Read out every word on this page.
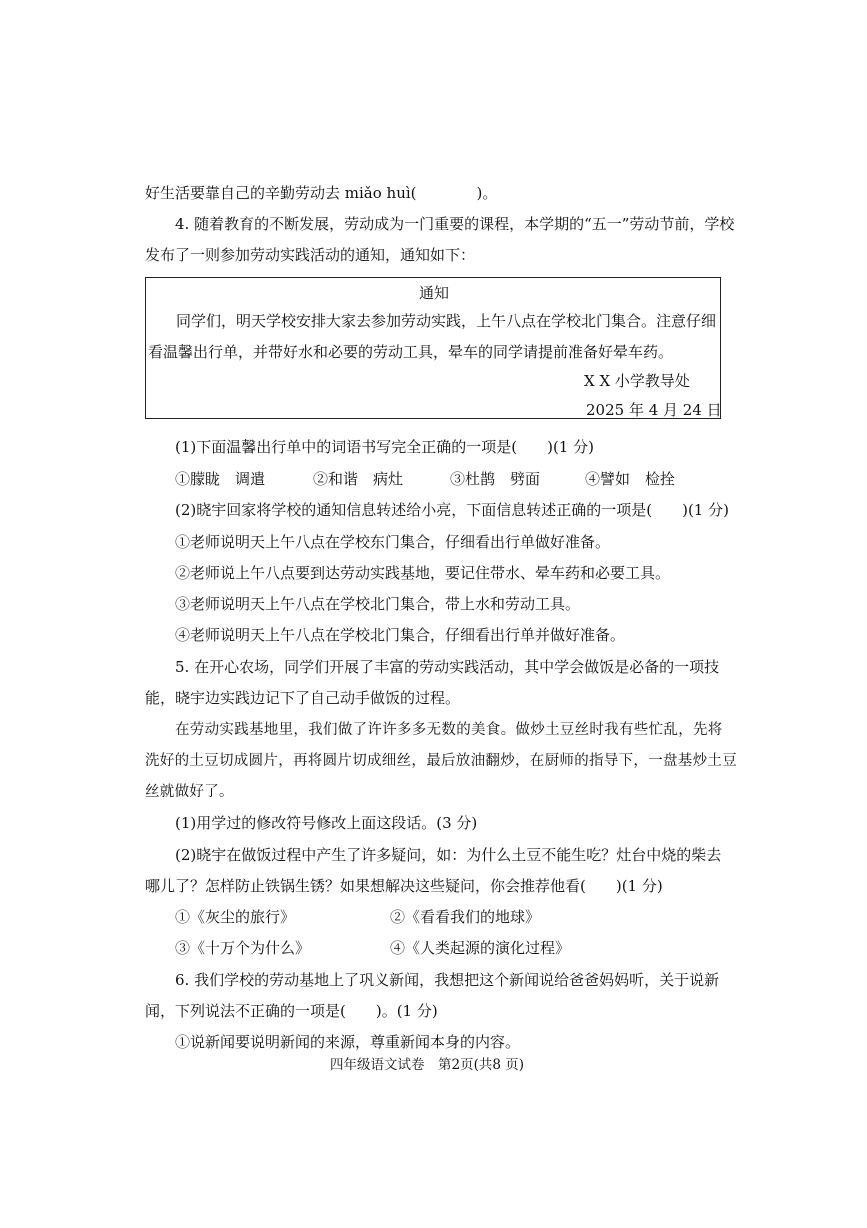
好生活要靠自己的辛勤劳动去 miǎo huì(　　　　)。
4. 随着教育的不断发展，劳动成为一门重要的课程，本学期的“五一”劳动节前，学校
发布了一则参加劳动实践活动的通知，通知如下：
通知
同学们，明天学校安排大家去参加劳动实践，上午八点在学校北门集合。注意仔细
看温馨出行单，并带好水和必要的劳动工具，晕车的同学请提前准备好晕车药。
X X 小学教导处
2025 年 4 月 24 日
(1)下面温馨出行单中的词语书写完全正确的一项是(　　)(1 分)
①朦眬　调遣	②和谐　病灶	③杜鹊　劈面	④譬如　检拴
(2)晓宇回家将学校的通知信息转述给小亮，下面信息转述正确的一项是(　　)(1 分)
①老师说明天上午八点在学校东门集合，仔细看出行单做好准备。
②老师说上午八点要到达劳动实践基地，要记住带水、晕车药和必要工具。
③老师说明天上午八点在学校北门集合，带上水和劳动工具。
④老师说明天上午八点在学校北门集合，仔细看出行单并做好准备。
5. 在开心农场，同学们开展了丰富的劳动实践活动，其中学会做饭是必备的一项技
能，晓宇边实践边记下了自己动手做饭的过程。
在劳动实践基地里，我们做了许许多多无数的美食。做炒土豆丝时我有些忙乱，先将
洗好的土豆切成圆片，再将圆片切成细丝，最后放油翻炒，在厨师的指导下，一盘基炒土豆
丝就做好了。
(1)用学过的修改符号修改上面这段话。(3 分)
(2)晓宇在做饭过程中产生了许多疑问，如：为什么土豆不能生吃？灶台中烧的柴去
哪儿了？怎样防止铁锅生锈？如果想解决这些疑问，你会推荐他看(　　)(1 分)
①《灰尘的旅行》	②《看看我们的地球》
③《十万个为什么》	④《人类起源的演化过程》
6. 我们学校的劳动基地上了巩义新闻，我想把这个新闻说给爸爸妈妈听，关于说新
闻，下列说法不正确的一项是(　　)。(1 分)
①说新闻要说明新闻的来源，尊重新闻本身的内容。
四年级语文试卷　第2页(共8 页)
